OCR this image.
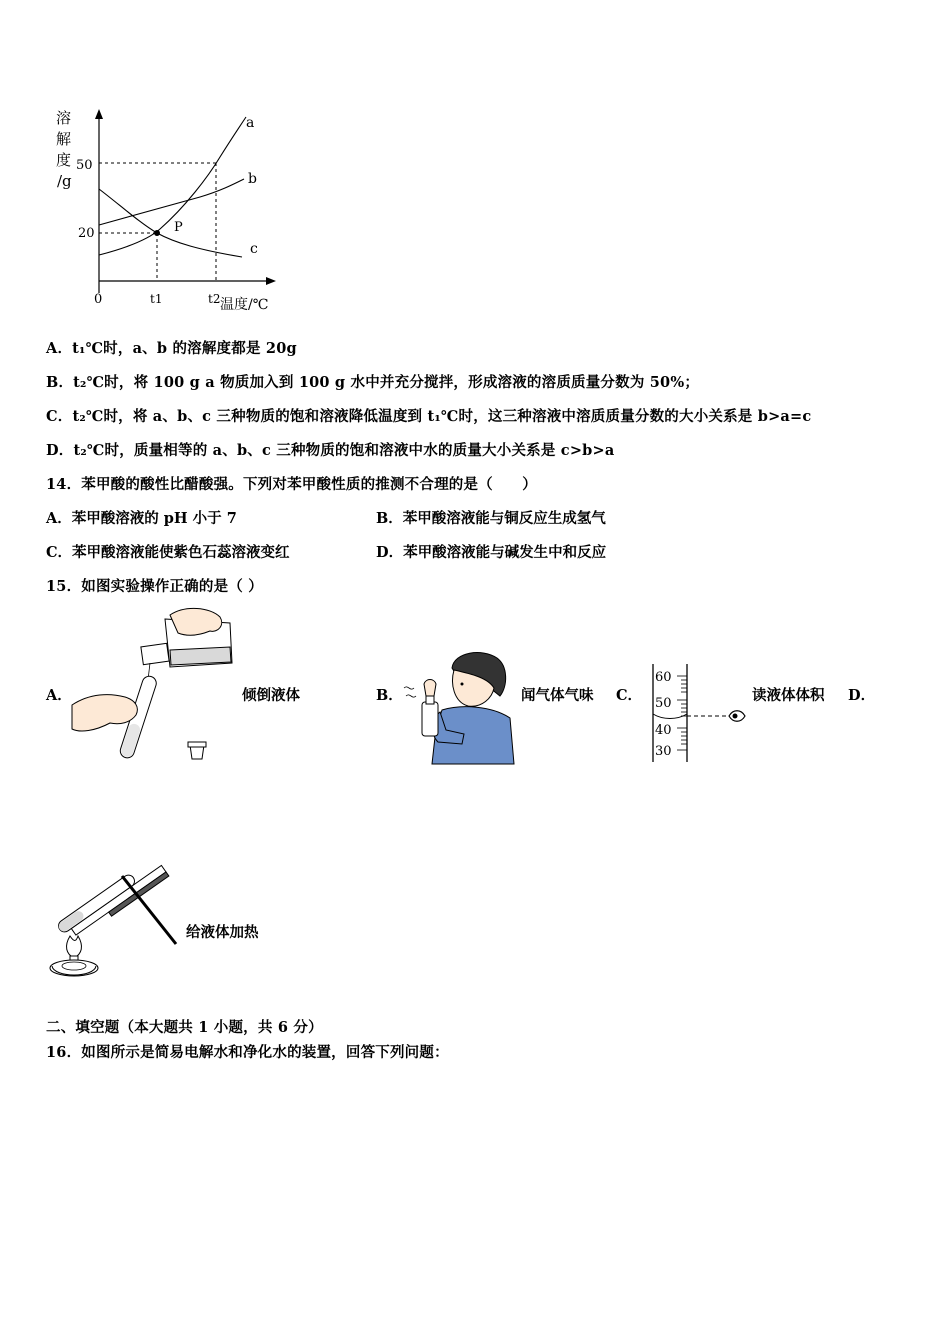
溶
解
度
/g
50
20	P
a
b
c
0	t1	t2 温度/℃
A．t₁℃时，a、b 的溶解度都是 20g
B．t₂℃时，将 100 g a 物质加入到 100 g 水中并充分搅拌，形成溶液的溶质质量分数为 50%；
C．t₂℃时，将 a、b、c 三种物质的饱和溶液降低温度到 t₁℃时，这三种溶液中溶质质量分数的大小关系是 b>a=c
D．t₂℃时，质量相等的 a、b、c 三种物质的饱和溶液中水的质量大小关系是 c>b>a
14．苯甲酸的酸性比醋酸强。下列对苯甲酸性质的推测不合理的是（　　）
A．苯甲酸溶液的 pH 小于 7	B．苯甲酸溶液能与铜反应生成氢气
C．苯甲酸溶液能使紫色石蕊溶液变红	D．苯甲酸溶液能与碱发生中和反应
15．如图实验操作正确的是（ ）
A．	倾倒液体	B．	闻气体气味 C．
60
50
40
30
读液体体积 D．
给液体加热
二、填空题（本大题共 1 小题，共 6 分）
16．如图所示是简易电解水和净化水的装置，回答下列问题：
